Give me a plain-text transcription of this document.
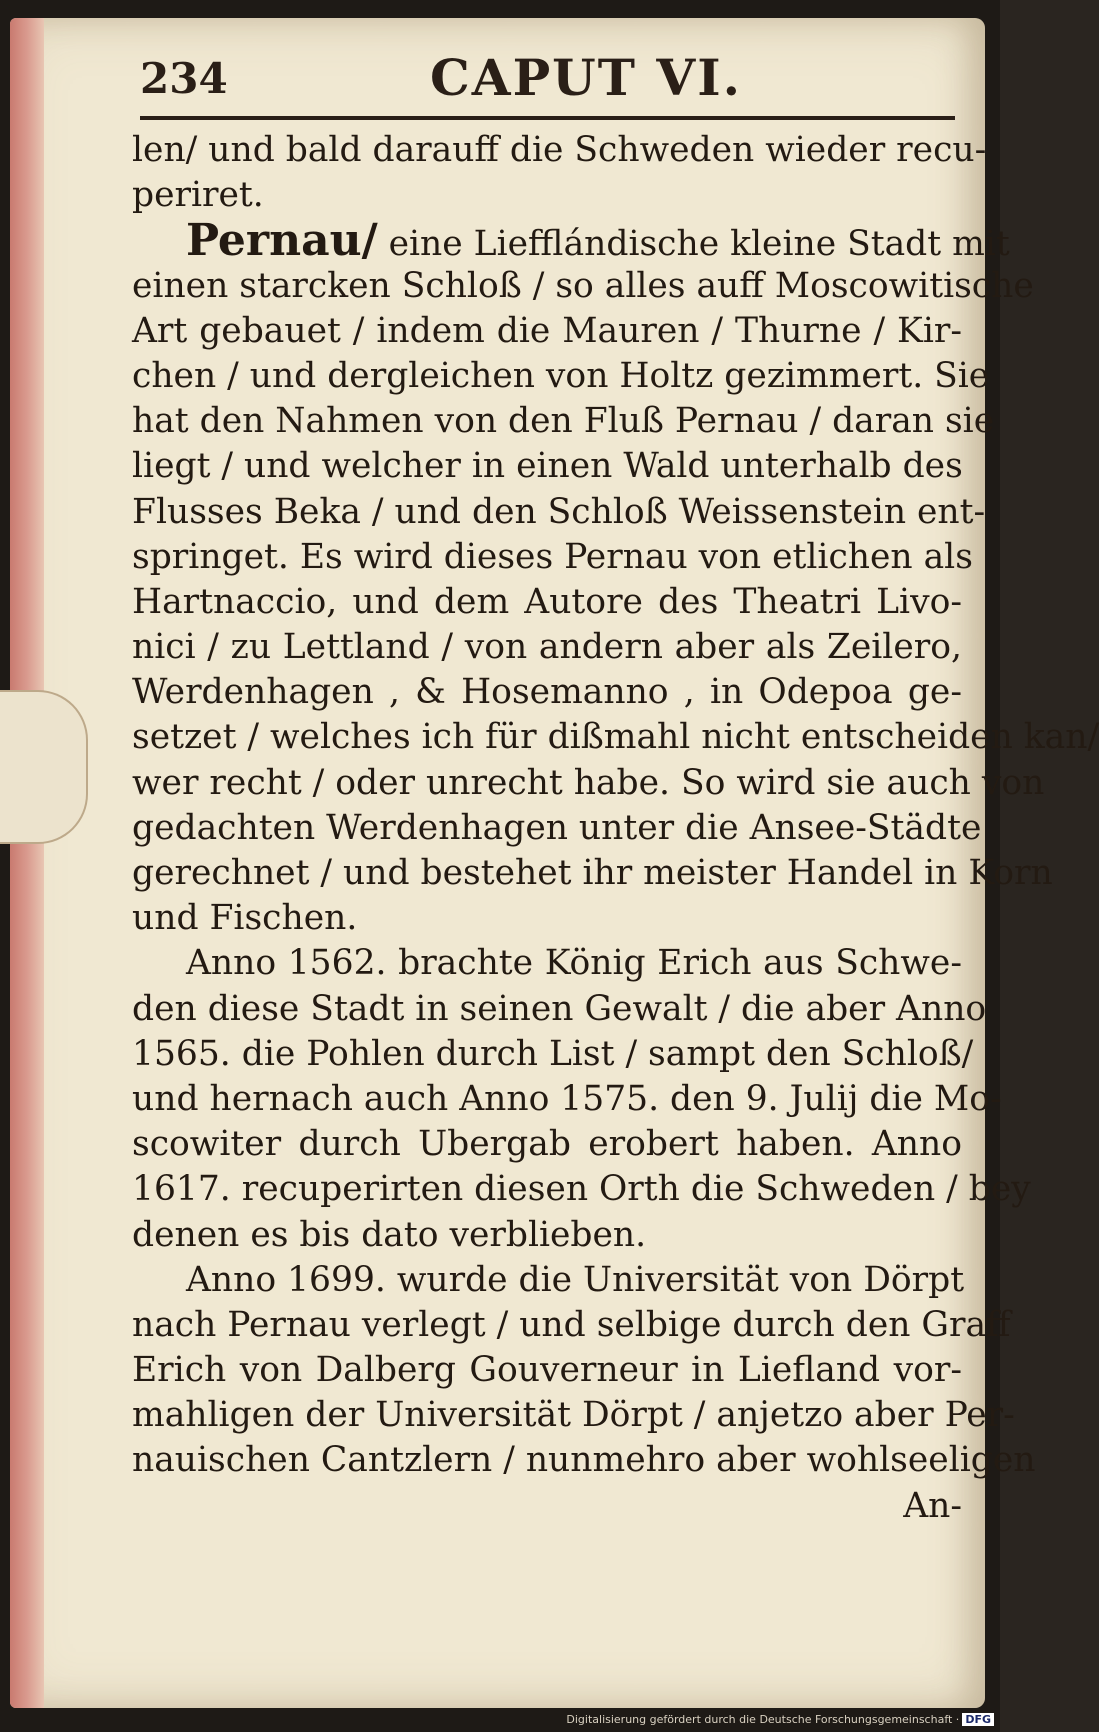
234	CAPUT VI.
len/ und bald darauff die Schweden wieder recu-
periret.
Pernau/ eine Liefflándische kleine Stadt mit
einen starcken Schloß / so alles auff Moscowitische
Art gebauet / indem die Mauren / Thurne / Kir-
chen / und dergleichen von Holtz gezimmert. Sie
hat den Nahmen von den Fluß Pernau / daran sie
liegt / und welcher in einen Wald unterhalb des
Flusses Beka / und den Schloß Weissenstein ent-
springet. Es wird dieses Pernau von etlichen als
Hartnaccio, und dem Autore des Theatri Livo-
nici / zu Lettland / von andern aber als Zeilero,
Werdenhagen , & Hosemanno , in Odepoa ge-
setzet / welches ich für dißmahl nicht entscheiden kan/
wer recht / oder unrecht habe. So wird sie auch von
gedachten Werdenhagen unter die Ansee-Städte
gerechnet / und bestehet ihr meister Handel in Korn
und Fischen.
Anno 1562. brachte König Erich aus Schwe-
den diese Stadt in seinen Gewalt / die aber Anno
1565. die Pohlen durch List / sampt den Schloß/
und hernach auch Anno 1575. den 9. Julij die Mo-
scowiter durch Ubergab erobert haben. Anno
1617. recuperirten diesen Orth die Schweden / bey
denen es bis dato verblieben.
Anno 1699. wurde die Universität von Dörpt
nach Pernau verlegt / und selbige durch den Graff
Erich von Dalberg Gouverneur in Liefland vor-
mahligen der Universität Dörpt / anjetzo aber Per-
nauischen Cantzlern / nunmehro aber wohlseeligen
An-
Digitalisierung gefördert durch die Deutsche Forschungsgemeinschaft · DFG
